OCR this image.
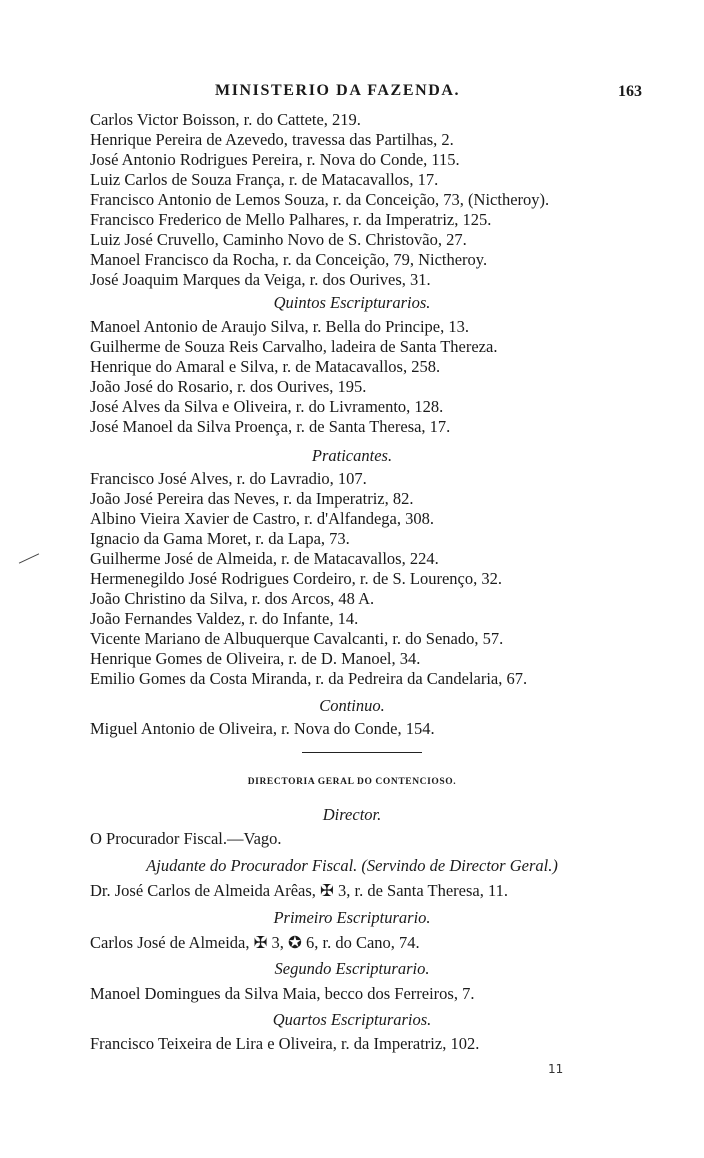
MINISTERIO DA FAZENDA.	163
Carlos Victor Boisson, r. do Cattete, 219.
Henrique Pereira de Azevedo, travessa das Partilhas, 2.
José Antonio Rodrigues Pereira, r. Nova do Conde, 115.
Luiz Carlos de Souza França, r. de Matacavallos, 17.
Francisco Antonio de Lemos Souza, r. da Conceição, 73, (Nictheroy).
Francisco Frederico de Mello Palhares, r. da Imperatriz, 125.
Luiz José Cruvello, Caminho Novo de S. Christovão, 27.
Manoel Francisco da Rocha, r. da Conceição, 79, Nictheroy.
José Joaquim Marques da Veiga, r. dos Ourives, 31.
Quintos Escripturarios.
Manoel Antonio de Araujo Silva, r. Bella do Principe, 13.
Guilherme de Souza Reis Carvalho, ladeira de Santa Thereza.
Henrique do Amaral e Silva, r. de Matacavallos, 258.
João José do Rosario, r. dos Ourives, 195.
José Alves da Silva e Oliveira, r. do Livramento, 128.
José Manoel da Silva Proença, r. de Santa Theresa, 17.
Praticantes.
Francisco José Alves, r. do Lavradio, 107.
João José Pereira das Neves, r. da Imperatriz, 82.
Albino Vieira Xavier de Castro, r. d'Alfandega, 308.
Ignacio da Gama Moret, r. da Lapa, 73.
Guilherme José de Almeida, r. de Matacavallos, 224.
Hermenegildo José Rodrigues Cordeiro, r. de S. Lourenço, 32.
João Christino da Silva, r. dos Arcos, 48 A.
João Fernandes Valdez, r. do Infante, 14.
Vicente Mariano de Albuquerque Cavalcanti, r. do Senado, 57.
Henrique Gomes de Oliveira, r. de D. Manoel, 34.
Emilio Gomes da Costa Miranda, r. da Pedreira da Candelaria, 67.
Continuo.
Miguel Antonio de Oliveira, r. Nova do Conde, 154.
DIRECTORIA GERAL DO CONTENCIOSO.
Director.
O Procurador Fiscal.—Vago.
Ajudante do Procurador Fiscal. (Servindo de Director Geral.)
Dr. José Carlos de Almeida Arêas, ✠ 3, r. de Santa Theresa, 11.
Primeiro Escripturario.
Carlos José de Almeida, ✠ 3, ✪ 6, r. do Cano, 74.
Segundo Escripturario.
Manoel Domingues da Silva Maia, becco dos Ferreiros, 7.
Quartos Escripturarios.
Francisco Teixeira de Lira e Oliveira, r. da Imperatriz, 102.
11
